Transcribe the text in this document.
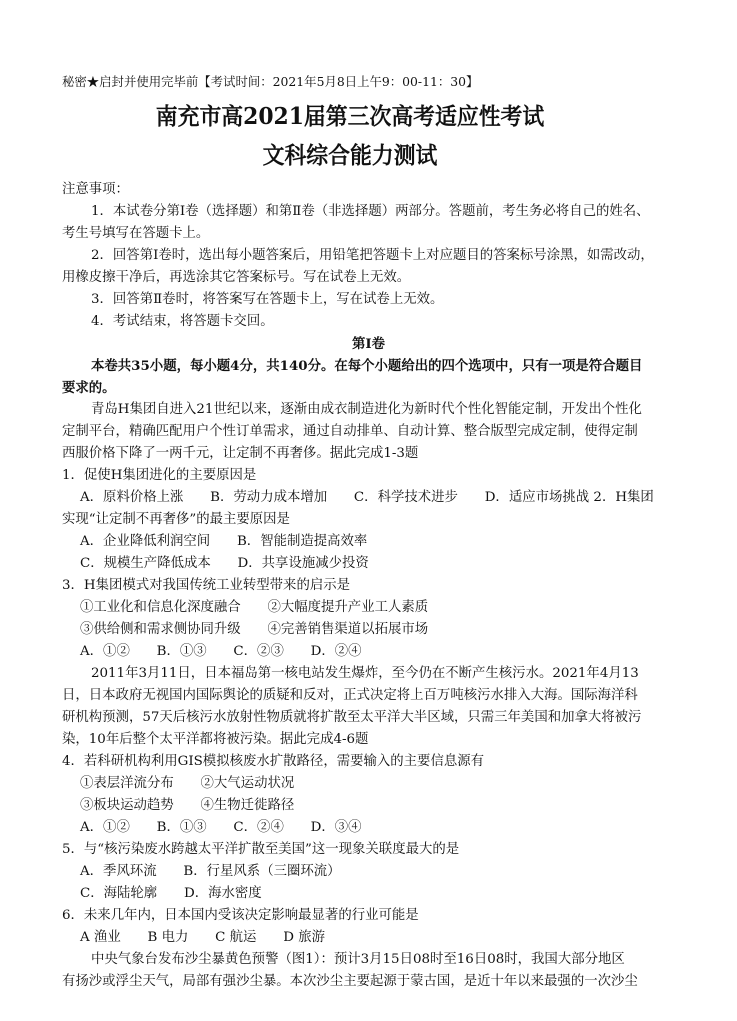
秘密★启封并使用完毕前【考试时间：2021年5月8日上午9：00-11：30】
南充市高2021届第三次高考适应性考试
文科综合能力测试
注意事项：
1．本试卷分第Ⅰ卷（选择题）和第Ⅱ卷（非选择题）两部分。答题前，考生务必将自己的姓名、
考生号填写在答题卡上。
2．回答第Ⅰ卷时，选出每小题答案后，用铅笔把答题卡上对应题目的答案标号涂黑，如需改动，
用橡皮擦干净后，再选涂其它答案标号。写在试卷上无效。
3．回答第Ⅱ卷时，将答案写在答题卡上，写在试卷上无效。
4．考试结束，将答题卡交回。
第Ⅰ卷
本卷共35小题，每小题4分，共140分。在每个小题给出的四个选项中，只有一项是符合题目
要求的。
青岛H集团自进入21世纪以来，逐渐由成衣制造进化为新时代个性化智能定制，开发出个性化
定制平台，精确匹配用户个性订单需求，通过自动排单、自动计算、整合版型完成定制，使得定制
西服价格下降了一两千元，让定制不再奢侈。据此完成1-3题
1．促使H集团进化的主要原因是
A．原料价格上涨　　B．劳动力成本增加　　C．科学技术进步　　D．适应市场挑战 2．H集团
实现“让定制不再奢侈”的最主要原因是
A．企业降低利润空间　　B．智能制造提高效率
C．规模生产降低成本　　D．共享设施减少投资
3．H集团模式对我国传统工业转型带来的启示是
①工业化和信息化深度融合　　②大幅度提升产业工人素质
③供给侧和需求侧协同升级　　④完善销售渠道以拓展市场
A．①②　　B．①③　　C．②③　　D．②④
2011年3月11日，日本福岛第一核电站发生爆炸，至今仍在不断产生核污水。2021年4月13
日，日本政府无视国内国际舆论的质疑和反对，正式决定将上百万吨核污水排入大海。国际海洋科
研机构预测，57天后核污水放射性物质就将扩散至太平洋大半区域，只需三年美国和加拿大将被污
染，10年后整个太平洋都将被污染。据此完成4-6题
4．若科研机构利用GIS模拟核废水扩散路径，需要输入的主要信息源有
①表层洋流分布　　②大气运动状况
③板块运动趋势　　④生物迁徙路径
A．①②　　B．①③　　C．②④　　D．③④
5．与“核污染废水跨越太平洋扩散至美国”这一现象关联度最大的是
A．季风环流　　B．行星风系（三圈环流）
C．海陆轮廓　　D．海水密度
6．未来几年内，日本国内受该决定影响最显著的行业可能是
A 渔业　　B 电力　　C 航运　　D 旅游
中央气象台发布沙尘暴黄色预警（图1）：预计3月15日08时至16日08时，我国大部分地区
有扬沙或浮尘天气，局部有强沙尘暴。本次沙尘主要起源于蒙古国，是近十年以来最强的一次沙尘
